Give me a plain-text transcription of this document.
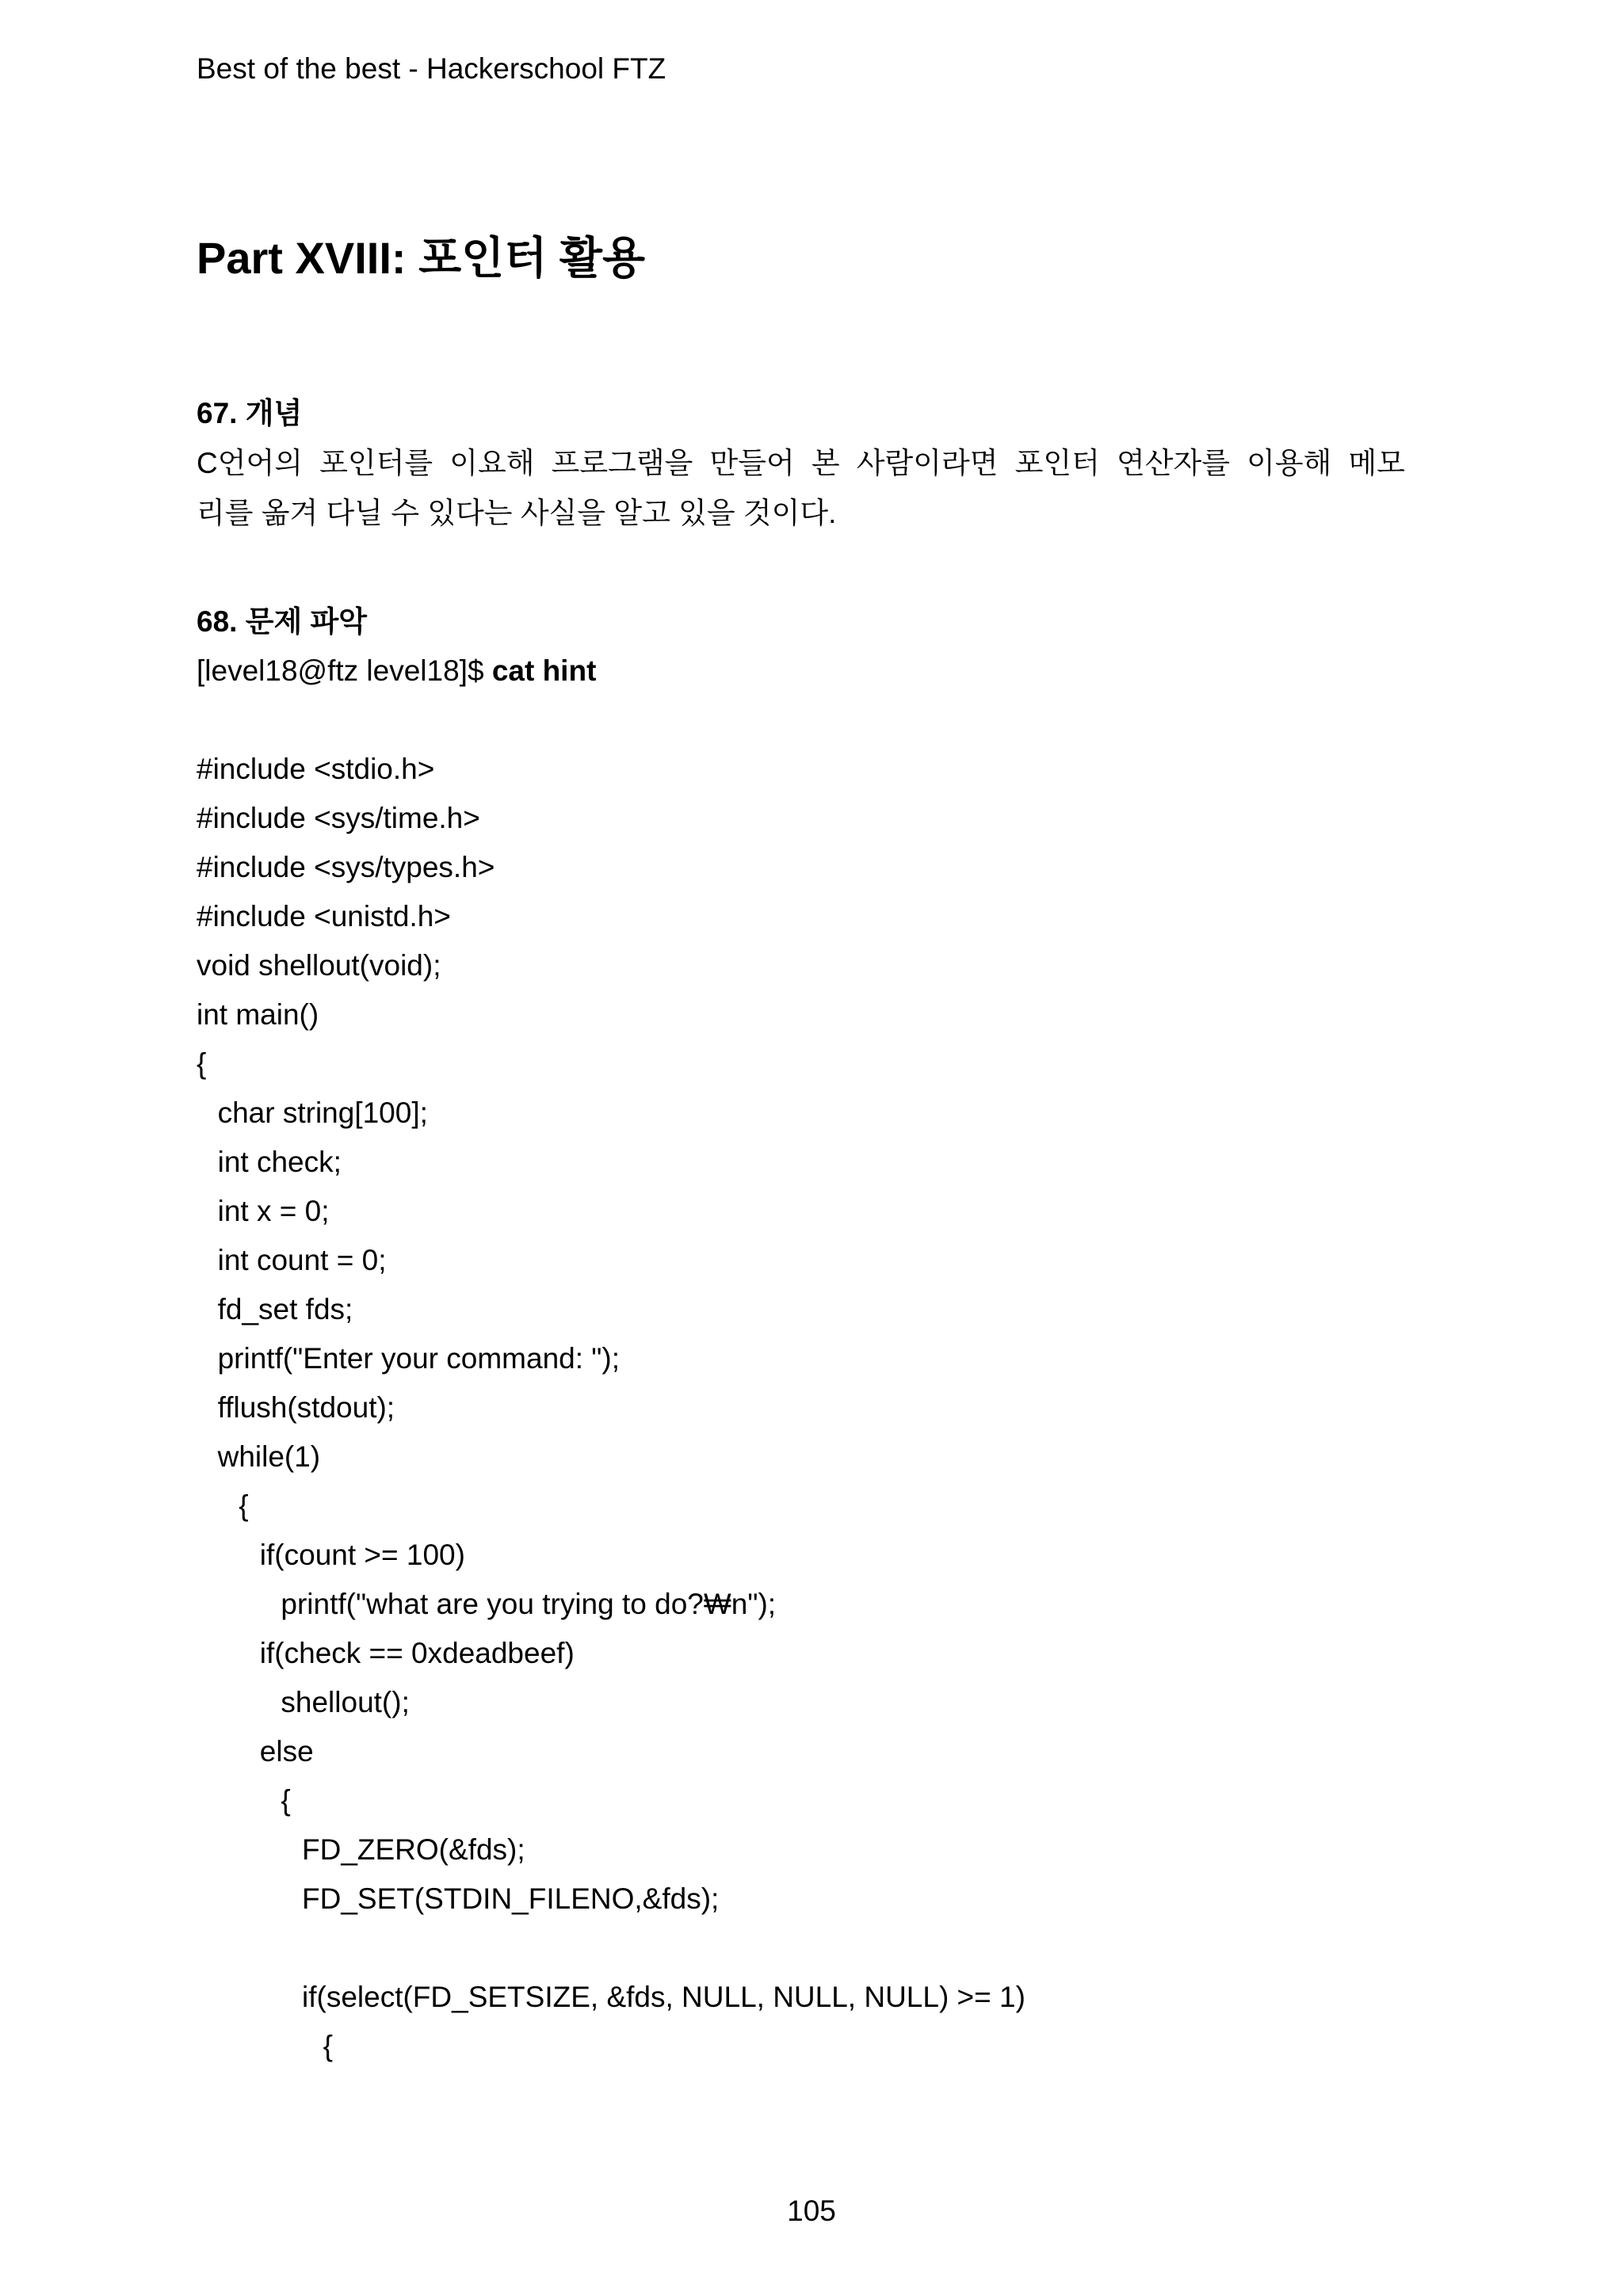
Best of the best - Hackerschool FTZ
Part XVIII: 포인터 활용
67. 개념
C언어의 포인터를 이요해 프로그램을 만들어 본 사람이라면 포인터 연산자를 이용해 메모
리를 옮겨 다닐 수 있다는 사실을 알고 있을 것이다.
68. 문제 파악
[level18@ftz level18]$ cat hint
#include <stdio.h>
#include <sys/time.h>
#include <sys/types.h>
#include <unistd.h>
void shellout(void);
int main()
{
char string[100];
int check;
int x = 0;
int count = 0;
fd_set fds;
printf("Enter your command: ");
fflush(stdout);
while(1)
{
if(count >= 100)
printf("what are you trying to do?₩n");
if(check == 0xdeadbeef)
shellout();
else
{
FD_ZERO(&fds);
FD_SET(STDIN_FILENO,&fds);
if(select(FD_SETSIZE, &fds, NULL, NULL, NULL) >= 1)
{
105
